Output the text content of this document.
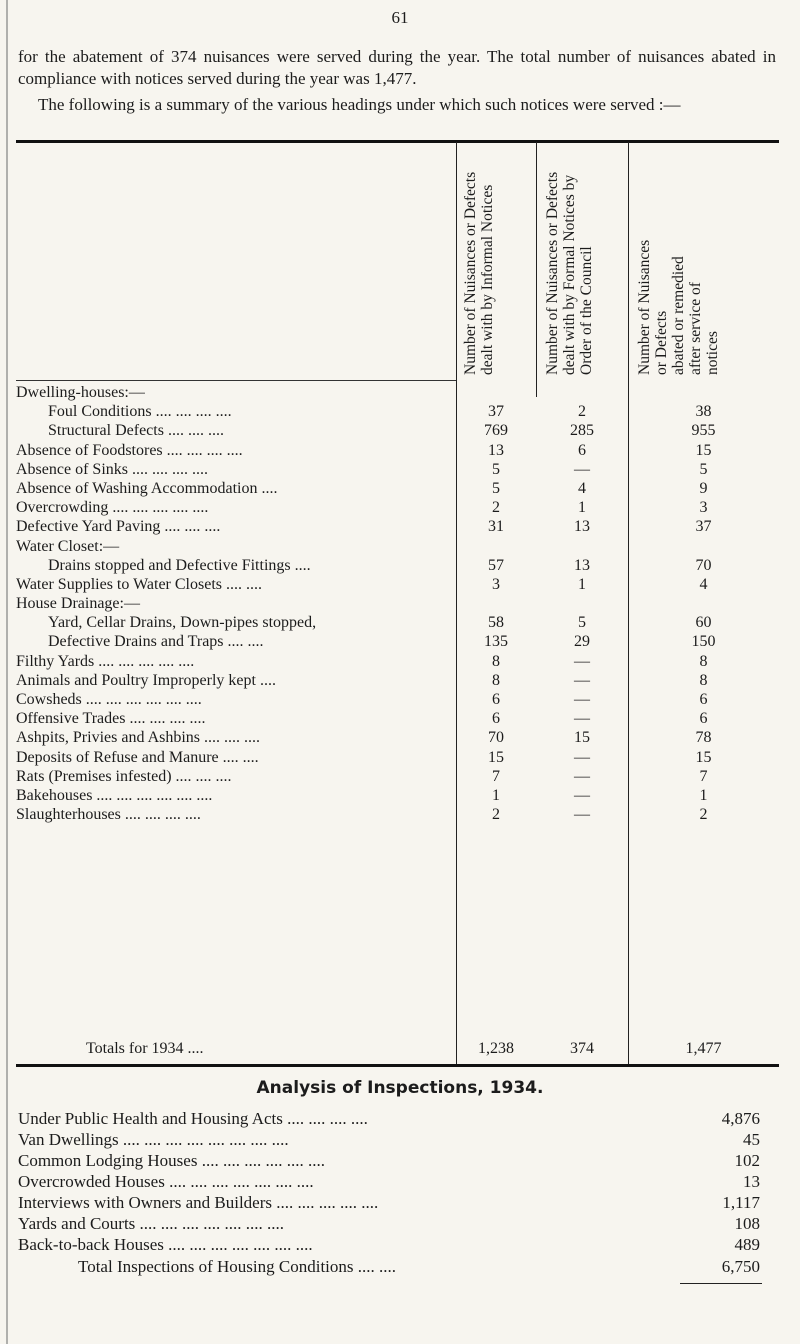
61
for the abatement of 374 nuisances were served during the year. The total number of nuisances abated in compliance with notices served during the year was 1,477.
The following is a summary of the various headings under which such notices were served :—
Number of Nuisances or Defects dealt with by Informal Notices	Number of Nuisances or Defects dealt with by Formal Notices by Order of the Council	Number of Nuisances or Defects abated or remedied after service of notices
Dwelling-houses:—
Foul Conditions .... .... .... ....	37	2	38
Structural Defects .... .... ....	769	285	955
Absence of Foodstores .... .... .... ....	13	6	15
Absence of Sinks .... .... .... ....	5	—	5
Absence of Washing Accommodation ....	5	4	9
Overcrowding .... .... .... .... ....	2	1	3
Defective Yard Paving .... .... ....	31	13	37
Water Closet:—
Drains stopped and Defective Fittings ....	57	13	70
Water Supplies to Water Closets .... ....	3	1	4
House Drainage:—
Yard, Cellar Drains, Down-pipes stopped,	58	5	60
Defective Drains and Traps .... ....	135	29	150
Filthy Yards .... .... .... .... ....	8	—	8
Animals and Poultry Improperly kept ....	8	—	8
Cowsheds .... .... .... .... .... ....	6	—	6
Offensive Trades .... .... .... ....	6	—	6
Ashpits, Privies and Ashbins .... .... ....	70	15	78
Deposits of Refuse and Manure .... ....	15	—	15
Rats (Premises infested) .... .... ....	7	—	7
Bakehouses .... .... .... .... .... ....	1	—	1
Slaughterhouses .... .... .... ....	2	—	2
Totals for 1934 ....	1,238	374	1,477
Analysis of Inspections, 1934.
Under Public Health and Housing Acts .... .... .... ....	4,876
Van Dwellings .... .... .... .... .... .... .... ....	45
Common Lodging Houses .... .... .... .... .... ....	102
Overcrowded Houses .... .... .... .... .... .... ....	13
Interviews with Owners and Builders .... .... .... .... ....	1,117
Yards and Courts .... .... .... .... .... .... ....	108
Back-to-back Houses .... .... .... .... .... .... ....	489
Total Inspections of Housing Conditions .... ....	6,750
